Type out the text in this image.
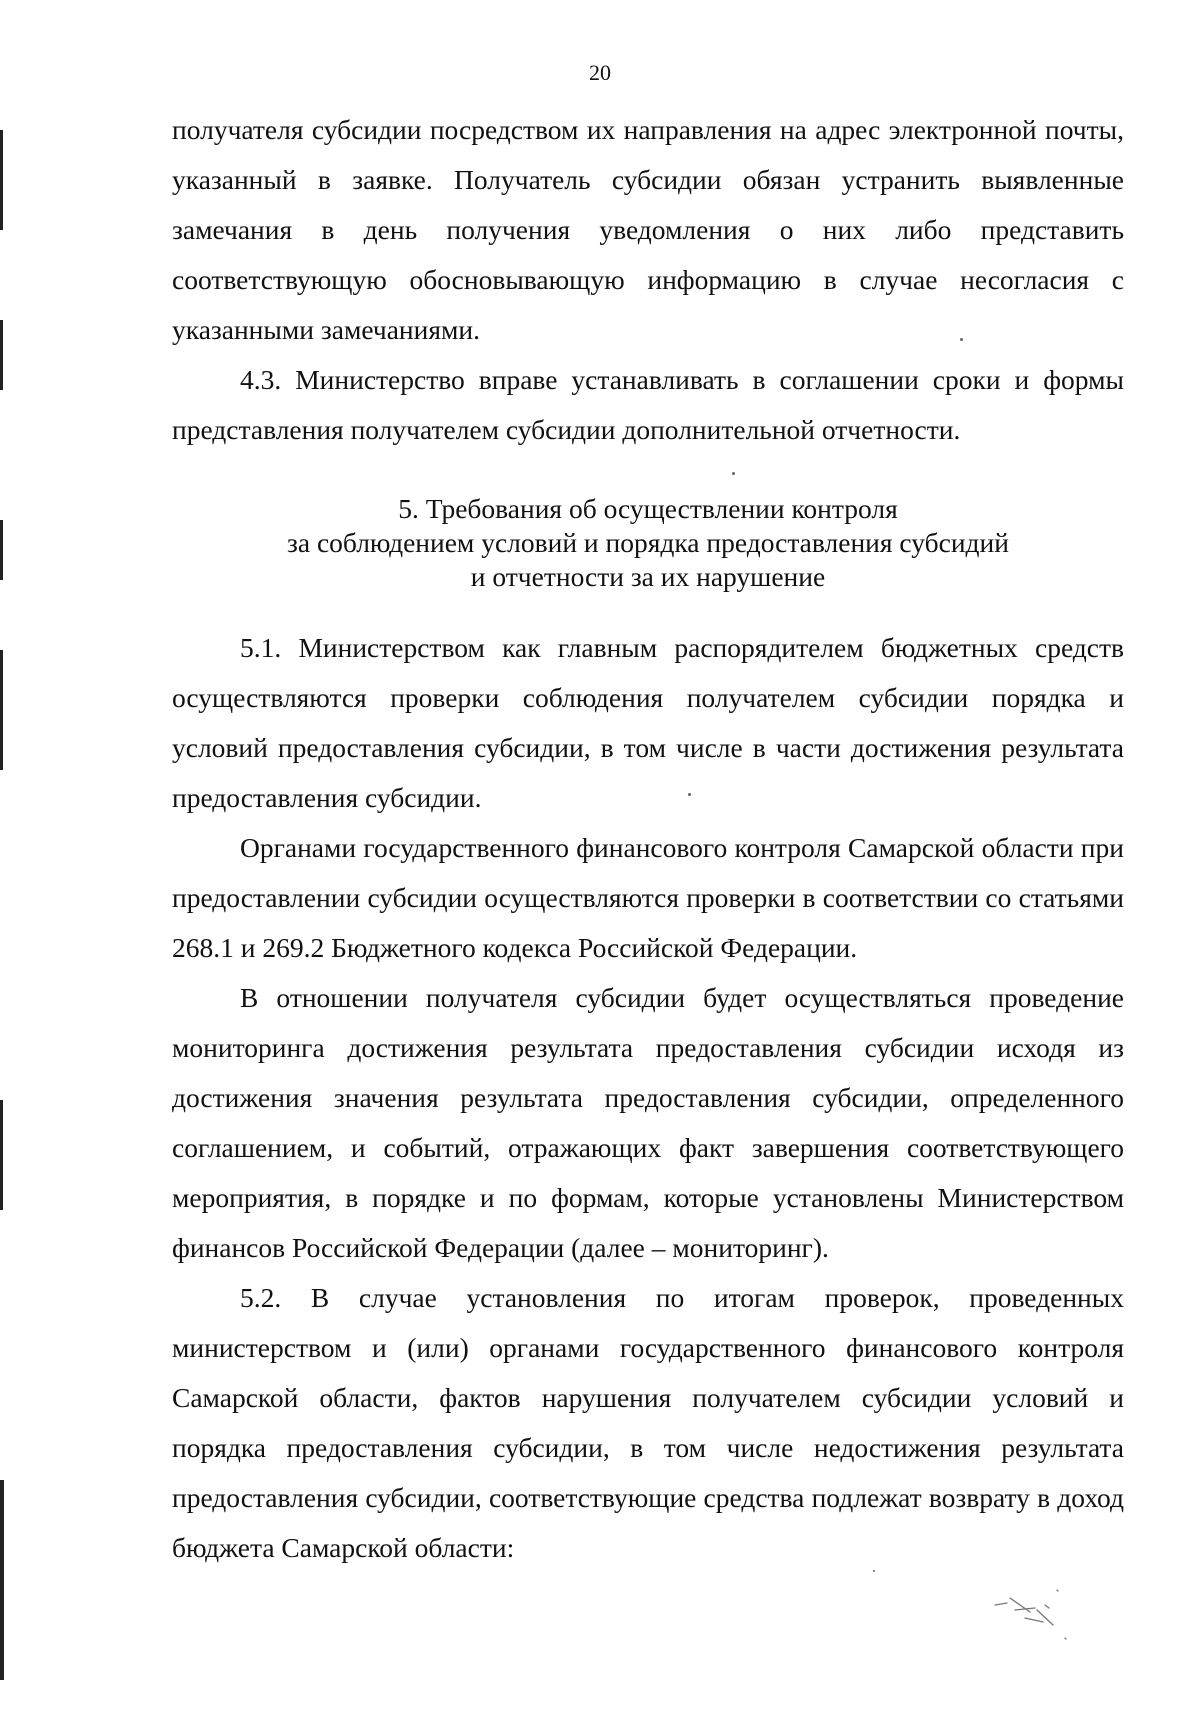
20

получателя субсидии посредством их направления на адрес электронной почты, указанный в заявке. Получатель субсидии обязан устранить выявленные замечания в день получения уведомления о них либо представить соответствующую обосновывающую информацию в случае несогласия с указанными замечаниями.

4.3. Министерство вправе устанавливать в соглашении сроки и формы представления получателем субсидии дополнительной отчетности.

5. Требования об осуществлении контроля
за соблюдением условий и порядка предоставления субсидий
и отчетности за их нарушение

5.1. Министерством как главным распорядителем бюджетных средств осуществляются проверки соблюдения получателем субсидии порядка и условий предоставления субсидии, в том числе в части достижения результата предоставления субсидии.

Органами государственного финансового контроля Самарской области при предоставлении субсидии осуществляются проверки в соответствии со статьями 268.1 и 269.2 Бюджетного кодекса Российской Федерации.

В отношении получателя субсидии будет осуществляться проведение мониторинга достижения результата предоставления субсидии исходя из достижения значения результата предоставления субсидии, определенного соглашением, и событий, отражающих факт завершения соответствующего мероприятия, в порядке и по формам, которые установлены Министерством финансов Российской Федерации (далее – мониторинг).

5.2. В случае установления по итогам проверок, проведенных министерством и (или) органами государственного финансового контроля Самарской области, фактов нарушения получателем субсидии условий и порядка предоставления субсидии, в том числе недостижения результата предоставления субсидии, соответствующие средства подлежат возврату в доход бюджета Самарской области:
